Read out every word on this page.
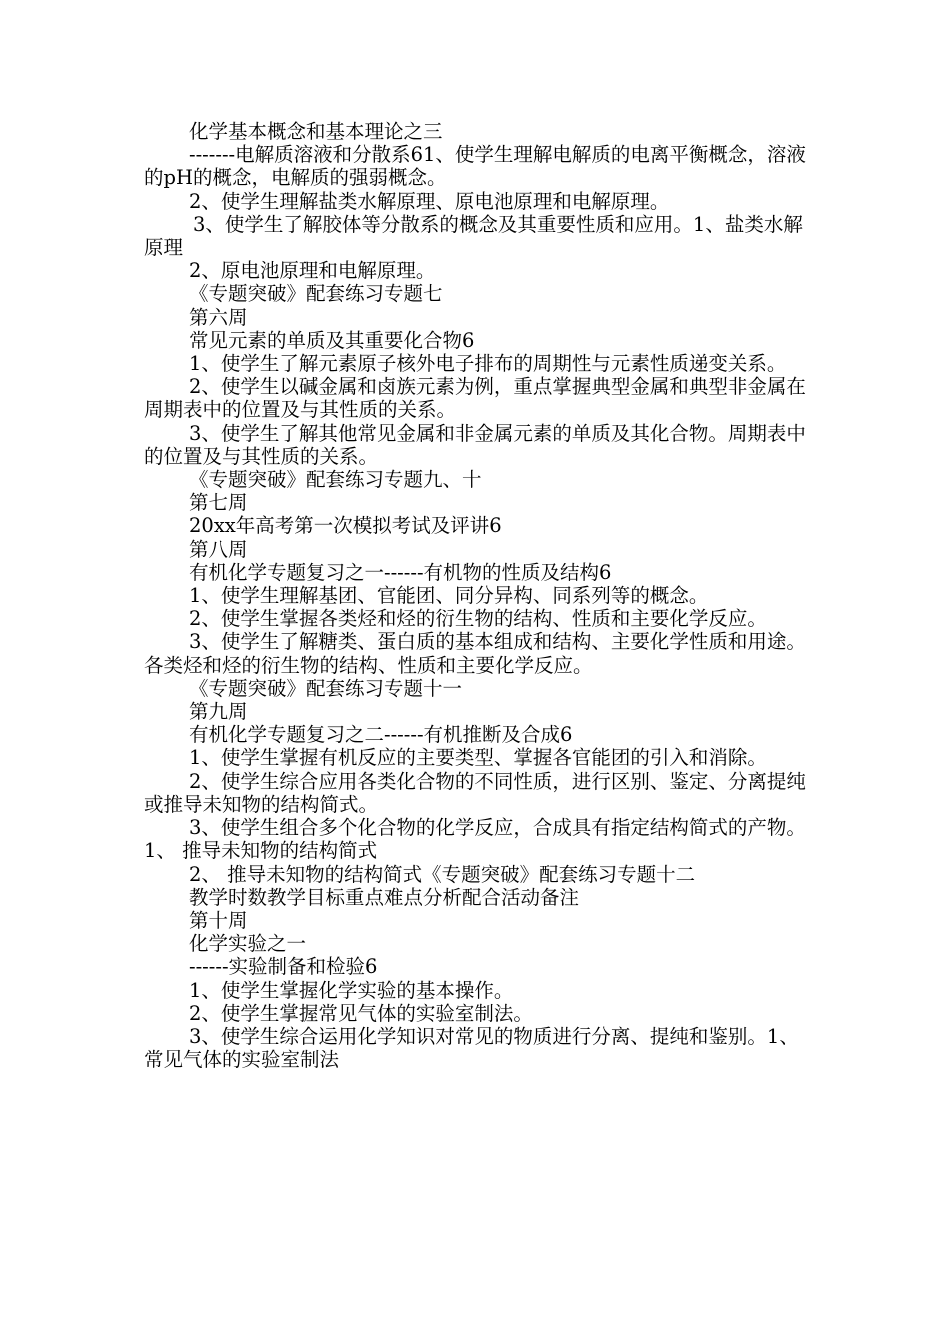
化学基本概念和基本理论之三

-------电解质溶液和分散系61、使学生理解电解质的电离平衡概念，溶液的pH的概念，电解质的强弱概念。

2、使学生理解盐类水解原理、原电池原理和电解原理。

3、使学生了解胶体等分散系的概念及其重要性质和应用。1、盐类水解原理

2、原电池原理和电解原理。

《专题突破》配套练习专题七

第六周

常见元素的单质及其重要化合物6

1、使学生了解元素原子核外电子排布的周期性与元素性质递变关系。

2、使学生以碱金属和卤族元素为例，重点掌握典型金属和典型非金属在周期表中的位置及与其性质的关系。

3、使学生了解其他常见金属和非金属元素的单质及其化合物。周期表中的位置及与其性质的关系。

《专题突破》配套练习专题九、十

第七周

20xx年高考第一次模拟考试及评讲6

第八周

有机化学专题复习之一------有机物的性质及结构6

1、使学生理解基团、官能团、同分异构、同系列等的概念。

2、使学生掌握各类烃和烃的衍生物的结构、性质和主要化学反应。

3、使学生了解糖类、蛋白质的基本组成和结构、主要化学性质和用途。各类烃和烃的衍生物的结构、性质和主要化学反应。

《专题突破》配套练习专题十一

第九周

有机化学专题复习之二------有机推断及合成6

1、使学生掌握有机反应的主要类型、掌握各官能团的引入和消除。

2、使学生综合应用各类化合物的不同性质，进行区别、鉴定、分离提纯或推导未知物的结构简式。

3、使学生组合多个化合物的化学反应，合成具有指定结构简式的产物。1、 推导未知物的结构简式

2、 推导未知物的结构简式《专题突破》配套练习专题十二

教学时数教学目标重点难点分析配合活动备注

第十周

化学实验之一

------实验制备和检验6

1、使学生掌握化学实验的基本操作。

2、使学生掌握常见气体的实验室制法。

3、使学生综合运用化学知识对常见的物质进行分离、提纯和鉴别。1、常见气体的实验室制法
